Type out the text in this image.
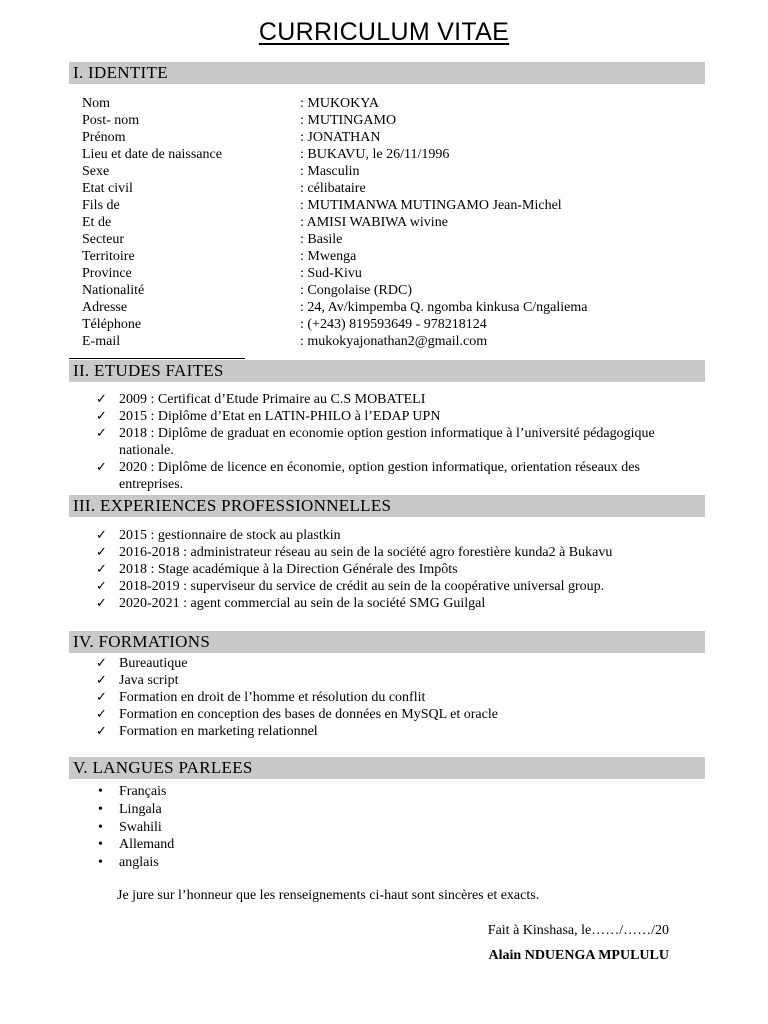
CURRICULUM VITAE
I. IDENTITE
Nom	: MUKOKYA
Post- nom	: MUTINGAMO
Prénom	: JONATHAN
Lieu et date de naissance	: BUKAVU, le 26/11/1996
Sexe	: Masculin
Etat civil	: célibataire
Fils de	: MUTIMANWA MUTINGAMO Jean-Michel
Et de	: AMISI WABIWA wivine
Secteur	: Basile
Territoire	: Mwenga
Province	: Sud-Kivu
Nationalité	: Congolaise (RDC)
Adresse	: 24, Av/kimpemba Q. ngomba kinkusa C/ngaliema
Téléphone	: (+243) 819593649 - 978218124
E-mail	: mukokyajonathan2@gmail.com
II. ETUDES FAITES
✓ 2009 : Certificat d’Etude Primaire au C.S MOBATELI
✓ 2015 : Diplôme d’Etat en LATIN-PHILO à l’EDAP UPN
✓ 2018 : Diplôme de graduat en economie option gestion informatique à l’université pédagogique nationale.
✓ 2020 : Diplôme de licence en économie, option gestion informatique, orientation réseaux des entreprises.
III. EXPERIENCES PROFESSIONNELLES
✓ 2015 : gestionnaire de stock au plastkin
✓ 2016-2018 : administrateur réseau au sein de la société agro forestière kunda2 à Bukavu
✓ 2018 : Stage académique à la Direction Générale des Impôts
✓ 2018-2019 : superviseur du service de crédit au sein de la coopérative universal group.
✓ 2020-2021 : agent commercial au sein de la société SMG Guilgal
IV. FORMATIONS
✓ Bureautique
✓ Java script
✓ Formation en droit de l’homme et résolution du conflit
✓ Formation en conception des bases de données en MySQL et oracle
✓ Formation en marketing relationnel
V. LANGUES PARLEES
• Français
• Lingala
• Swahili
• Allemand
• anglais
Je jure sur l’honneur que les renseignements ci-haut sont sincères et exacts.
Fait à Kinshasa, le……/……/20
Alain NDUENGA MPULULU
